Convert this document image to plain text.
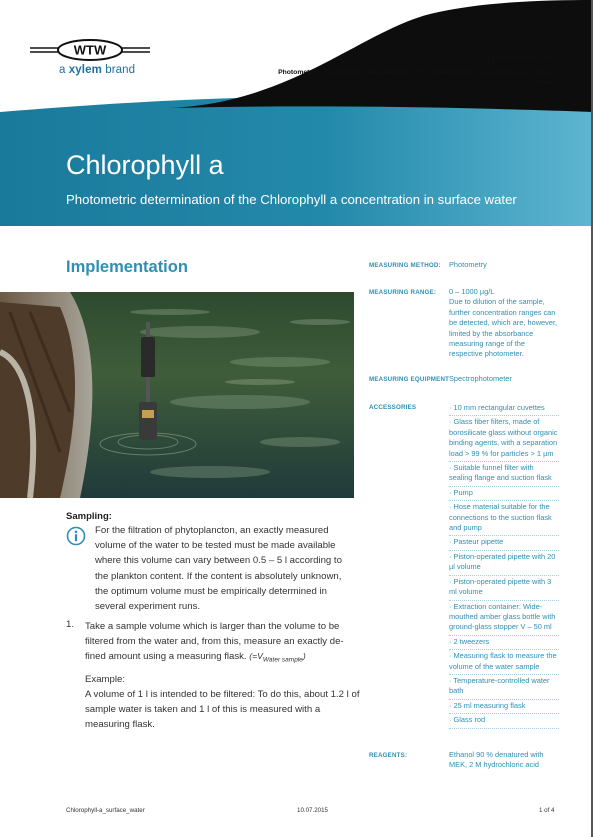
WTW
a xylem brand
Application report
Photometry • Photometric determination of the Chlorophyll a concentration in surface water
Chlorophyll a
Photometric determination of the Chlorophyll a concentration in surface water
Implementation
Sampling:
For the filtration of phytoplancton, an exactly measured volume of the water to be tested must be made available where this volume can vary between 0.5 – 5 l according to the plankton content. If the content is absolutely unknown, the optimum volume must be empirically determined in several experiment runs.
1. Take a sample volume which is larger than the volume to be filtered from the water and, from this, measure an exactly de-fined amount using a measuring flask. $(=V_{Water sample})$
Example:
A volume of 1 l is intended to be filtered: To do this, about 1.2 l of sample water is taken and 1 l of this is measured with a measuring flask.
MEASURING METHOD: Photometry
MEASURING RANGE: 0 – 1000 µg/L
Due to dilution of the sample, further concentration ranges can be detected, which are, however, limited by the absorbance measuring range of the respective photometer.
MEASURING EQUIPMENT Spectrophotometer
ACCESSORIES	· 10 mm rectangular cuvettes
· Glass fiber filters, made of borosilicate glass without organic binding agents, with a separation load > 99 % for particles > 1 µm
· Suitable funnel filter with sealing flange and suction flask
· Pump
· Hose material suitable for the connections to the suction flask and pump
· Pasteur pipette
· Piston-operated pipette with 20 µl volume
· Piston-operated pipette with 3 ml volume
· Extraction container: Wide-mouthed amber glass bottle with ground-glass stopper V – 50 ml
· 2 tweezers
· Measuring flask to measure the volume of the water sample
· Temperature-controlled water bath
· 25 ml measuring flask
· Glass rod
REAGENTS:	Ethanol 90 % denatured with MEK, 2 M hydrochloric acid
Chlorophyll-a_surface_water	10.07.2015	1 of 4
